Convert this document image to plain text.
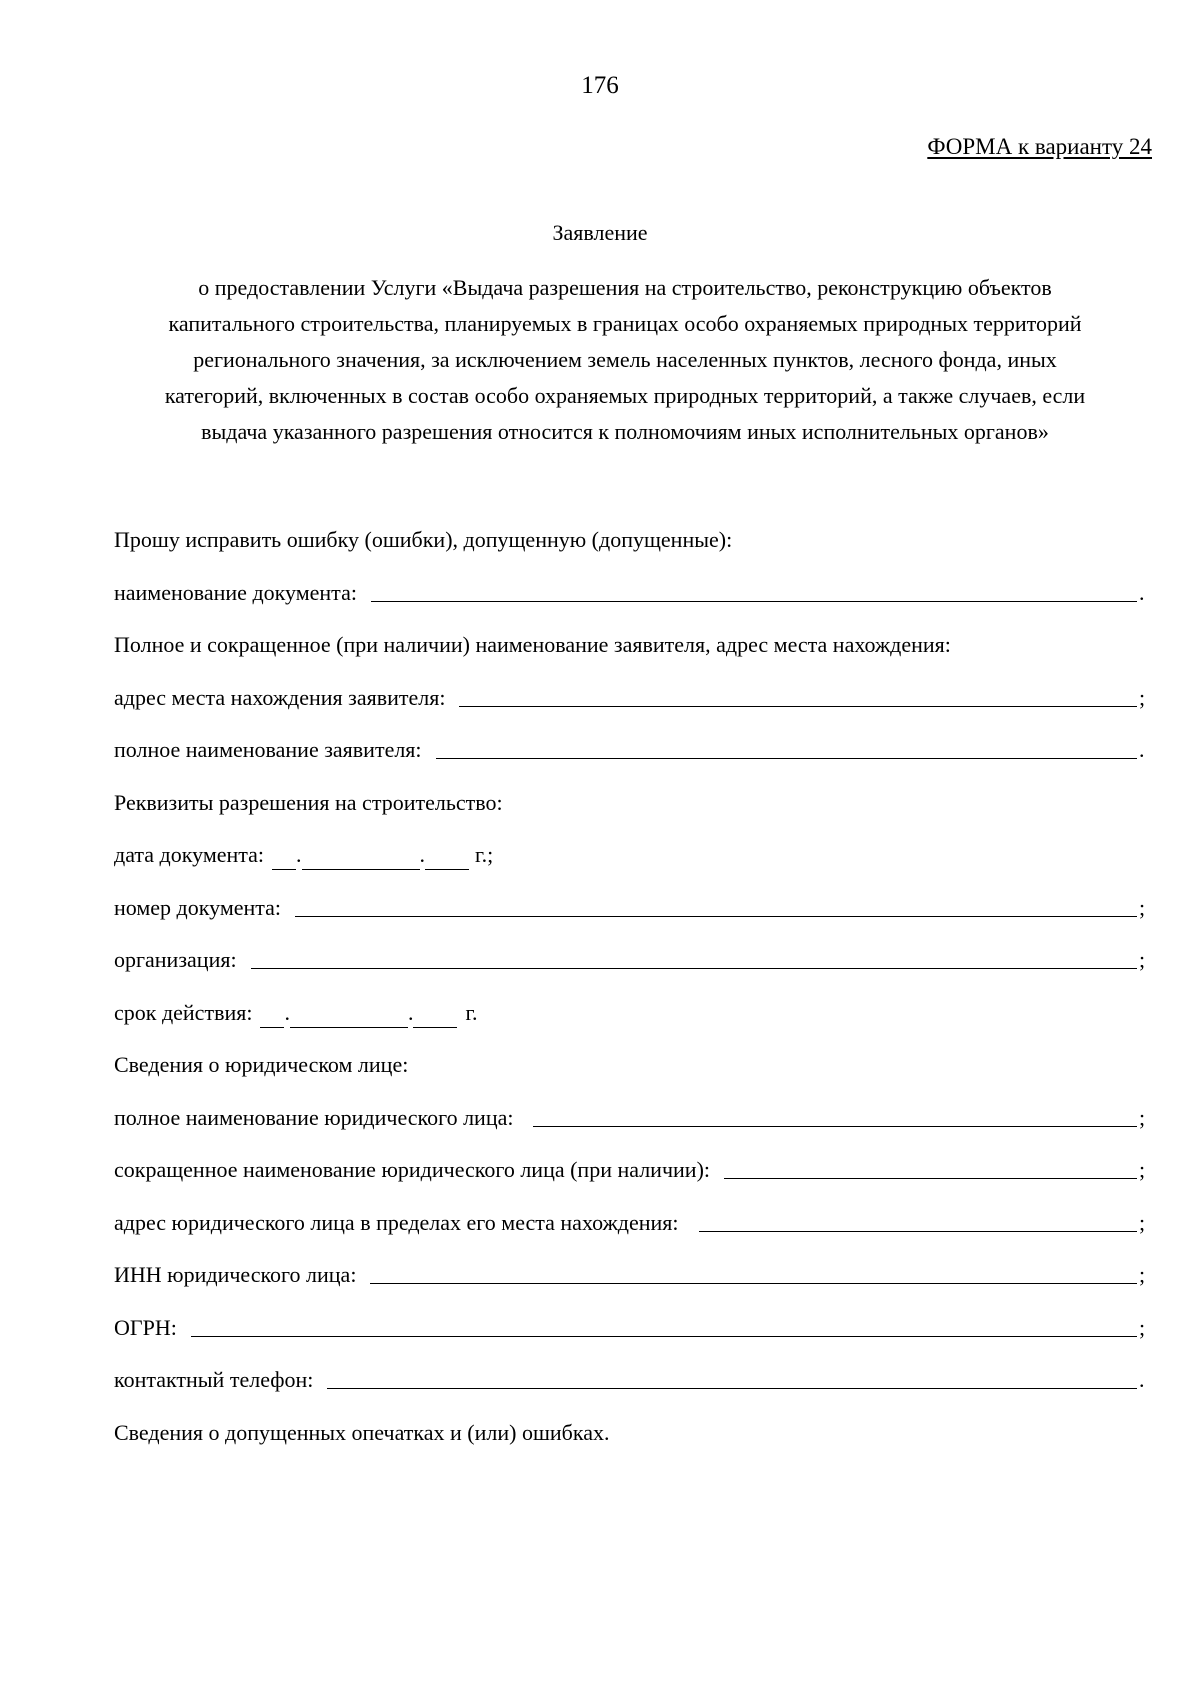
176
ФОРМА к варианту 24
Заявление
о предоставлении Услуги «Выдача разрешения на строительство, реконструкцию объектов
капитального строительства, планируемых в границах особо охраняемых природных территорий
регионального значения, за исключением земель населенных пунктов, лесного фонда, иных
категорий, включенных в состав особо охраняемых природных территорий, а также случаев, если
выдача указанного разрешения относится к полномочиям иных исполнительных органов»
Прошу исправить ошибку (ошибки), допущенную (допущенные):
наименование документа:	.
Полное и сокращенное (при наличии) наименование заявителя, адрес места нахождения:
адрес места нахождения заявителя:	;
полное наименование заявителя:	.
Реквизиты разрешения на строительство:
дата документа: .	. г.;
номер документа:	;
организация:	;
срок действия: .	. г.
Сведения о юридическом лице:
полное наименование юридического лица:	;
сокращенное наименование юридического лица (при наличии):	;
адрес юридического лица в пределах его места нахождения:	;
ИНН юридического лица:	;
ОГРН:	;
контактный телефон:	.
Сведения о допущенных опечатках и (или) ошибках.
